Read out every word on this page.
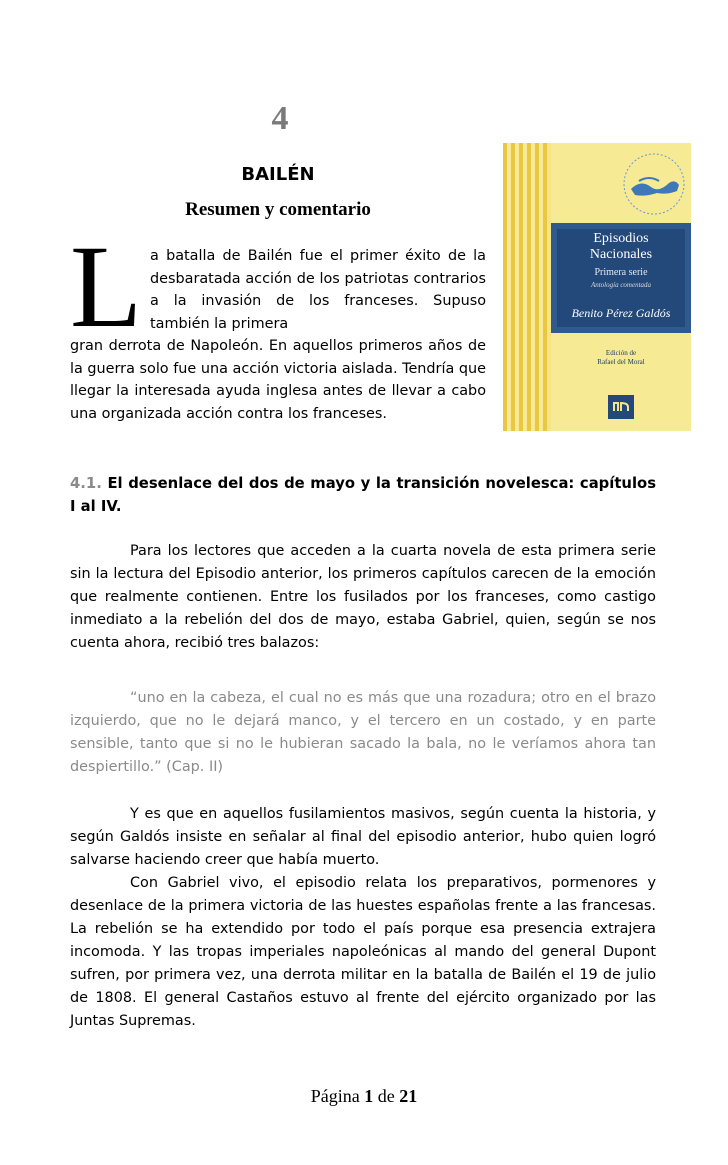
4
BAILÉN
Resumen y comentario
Episodios
Nacionales
Primera serie
Antología comentada
Benito Pérez Galdós
Edición de
Rafael del Moral
L a batalla de Bailén fue el primer éxito de la desbaratada acción de los patriotas contrarios a la invasión de los franceses. Supuso también la primera

gran derrota de Napoleón. En aquellos primeros años de la guerra solo fue una acción victoria aislada. Tendría que llegar la interesada ayuda inglesa antes de llevar a cabo una organizada acción contra los franceses.

4.1. El desenlace del dos de mayo y la transición novelesca: capítulos I al IV.

Para los lectores que acceden a la cuarta novela de esta primera serie sin la lectura del Episodio anterior, los primeros capítulos carecen de la emoción que realmente contienen. Entre los fusilados por los franceses, como castigo inmediato a la rebelión del dos de mayo, estaba Gabriel, quien, según se nos cuenta ahora, recibió tres balazos:

“uno en la cabeza, el cual no es más que una rozadura; otro en el brazo izquierdo, que no le dejará manco, y el tercero en un costado, y en parte sensible, tanto que si no le hubieran sacado la bala, no le veríamos ahora tan despiertillo.” (Cap. II)

Y es que en aquellos fusilamientos masivos, según cuenta la historia, y según Galdós insiste en señalar al final del episodio anterior, hubo quien logró salvarse haciendo creer que había muerto.

Con Gabriel vivo, el episodio relata los preparativos, pormenores y desenlace de la primera victoria de las huestes españolas frente a las francesas. La rebelión se ha extendido por todo el país porque esa presencia extrajera incomoda. Y las tropas imperiales napoleónicas al mando del general Dupont sufren, por primera vez, una derrota militar en la batalla de Bailén el 19 de julio de 1808. El general Castaños estuvo al frente del ejército organizado por las Juntas Supremas.

Página 1 de 21
